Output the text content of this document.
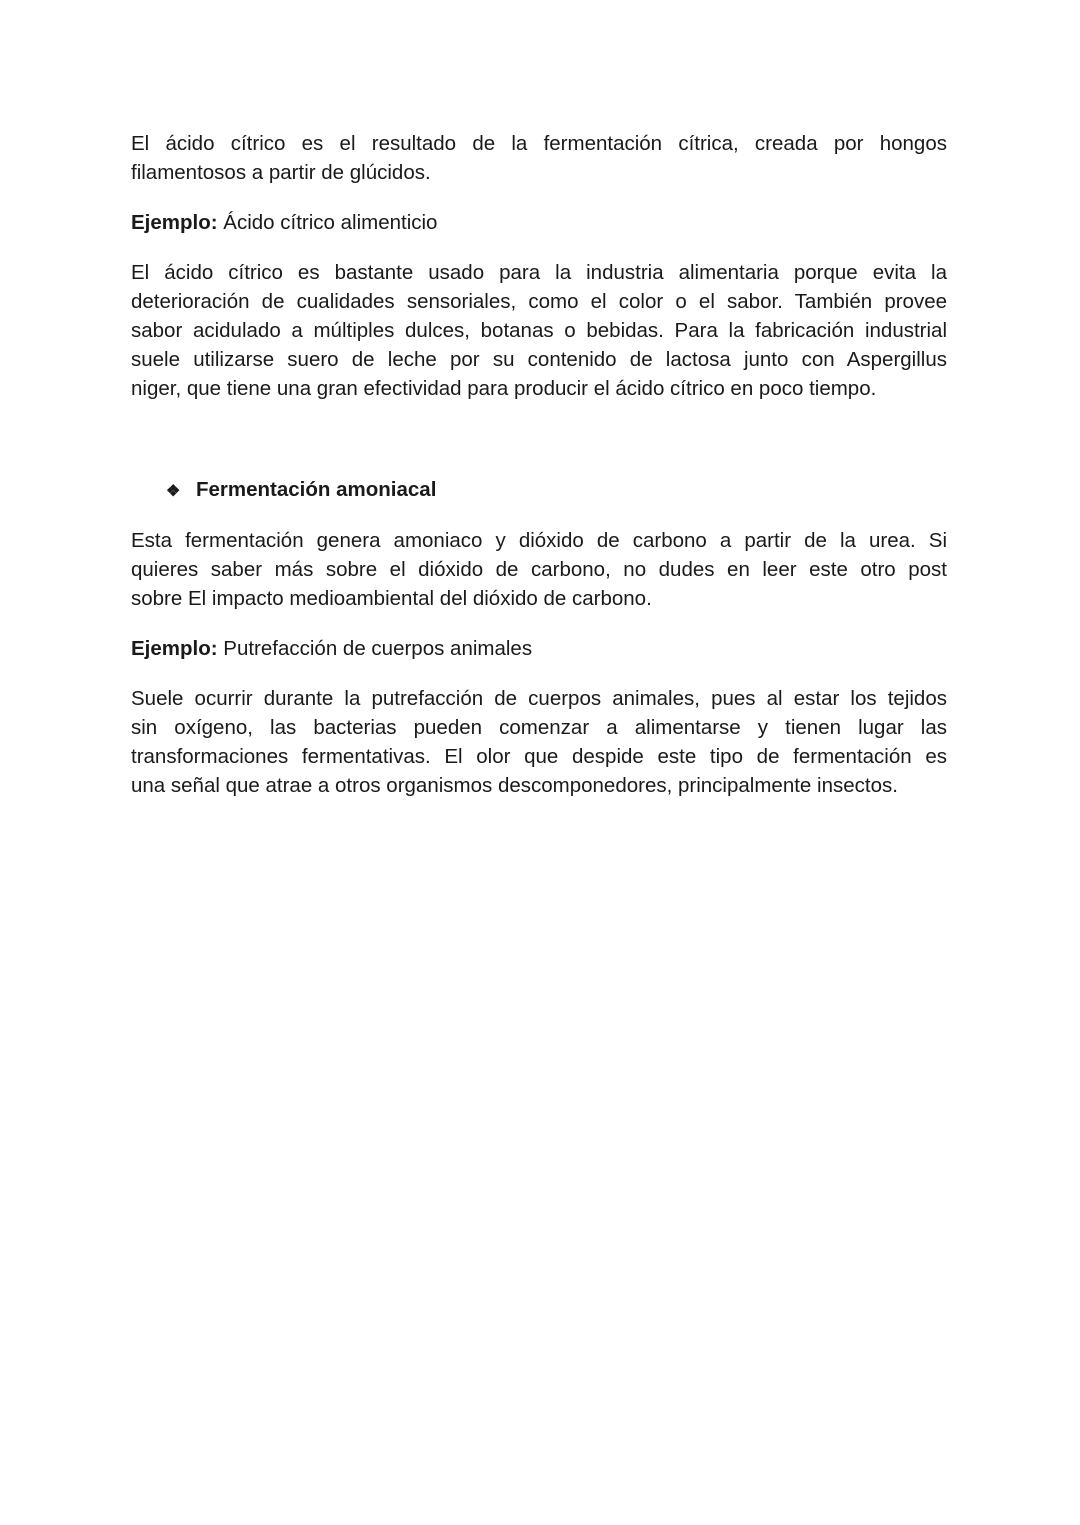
El ácido cítrico es el resultado de la fermentación cítrica, creada por hongos
filamentosos a partir de glúcidos.
Ejemplo: Ácido cítrico alimenticio
El ácido cítrico es bastante usado para la industria alimentaria porque evita la
deterioración de cualidades sensoriales, como el color o el sabor. También provee
sabor acidulado a múltiples dulces, botanas o bebidas. Para la fabricación industrial
suele utilizarse suero de leche por su contenido de lactosa junto con Aspergillus
niger, que tiene una gran efectividad para producir el ácido cítrico en poco tiempo.
❖ Fermentación amoniacal
Esta fermentación genera amoniaco y dióxido de carbono a partir de la urea. Si
quieres saber más sobre el dióxido de carbono, no dudes en leer este otro post
sobre El impacto medioambiental del dióxido de carbono.
Ejemplo: Putrefacción de cuerpos animales
Suele ocurrir durante la putrefacción de cuerpos animales, pues al estar los tejidos
sin oxígeno, las bacterias pueden comenzar a alimentarse y tienen lugar las
transformaciones fermentativas. El olor que despide este tipo de fermentación es
una señal que atrae a otros organismos descomponedores, principalmente insectos.
